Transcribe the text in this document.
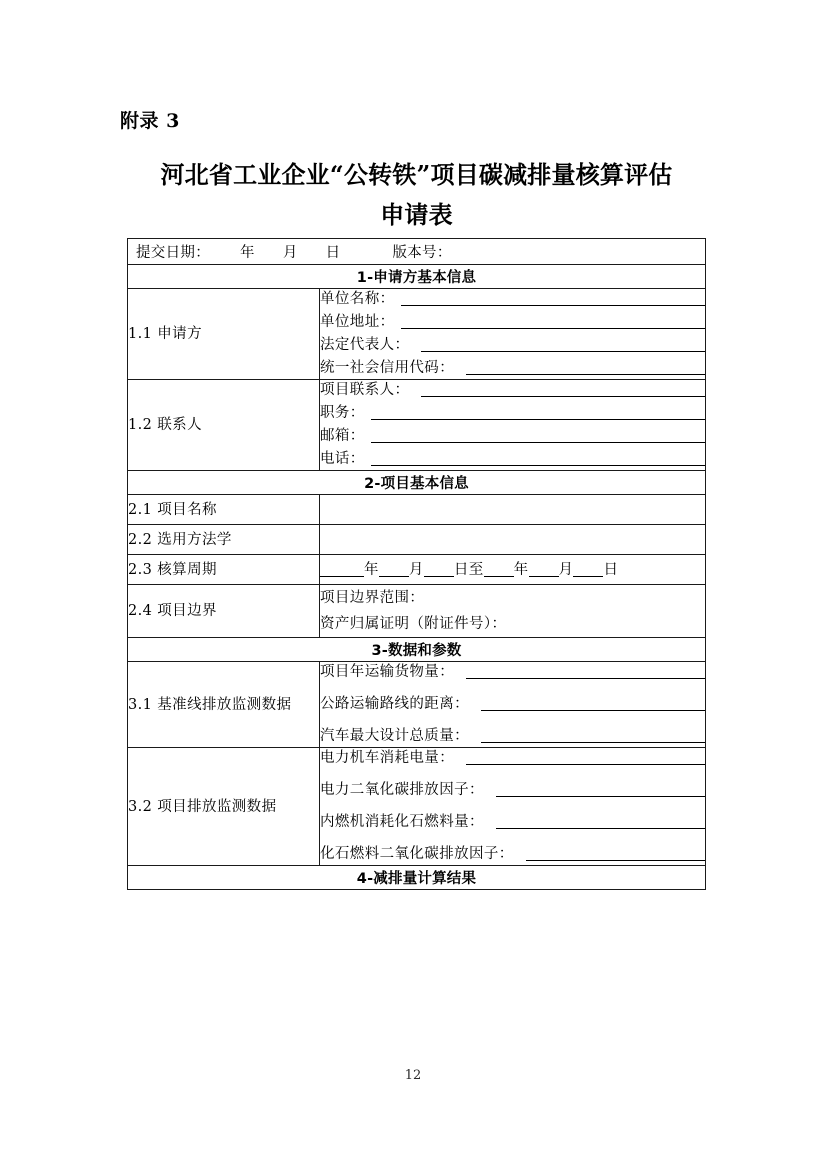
附录 3
河北省工业企业“公转铁”项目碳减排量核算评估
申请表
提交日期： 年 月 日 版本号：	

1-申请方基本信息	
1.1 申请方	单位名称：
单位地址：
法定代表人：
统一社会信用代码：

1.2 联系人	项目联系人：
职务：
邮箱：
电话：

2-项目基本信息	
2.1 项目名称	
2.2 选用方法学	
2.3 核算周期	年 月 日至 年 月 日
2.4 项目边界	项目边界范围：
资产归属证明（附证件号）：

3-数据和参数	
3.1 基准线排放监测数据	项目年运输货物量：
公路运输路线的距离：
汽车最大设计总质量：

3.2 项目排放监测数据	电力机车消耗电量：
电力二氧化碳排放因子：
内燃机消耗化石燃料量：
化石燃料二氧化碳排放因子：

4-减排量计算结果	
12
